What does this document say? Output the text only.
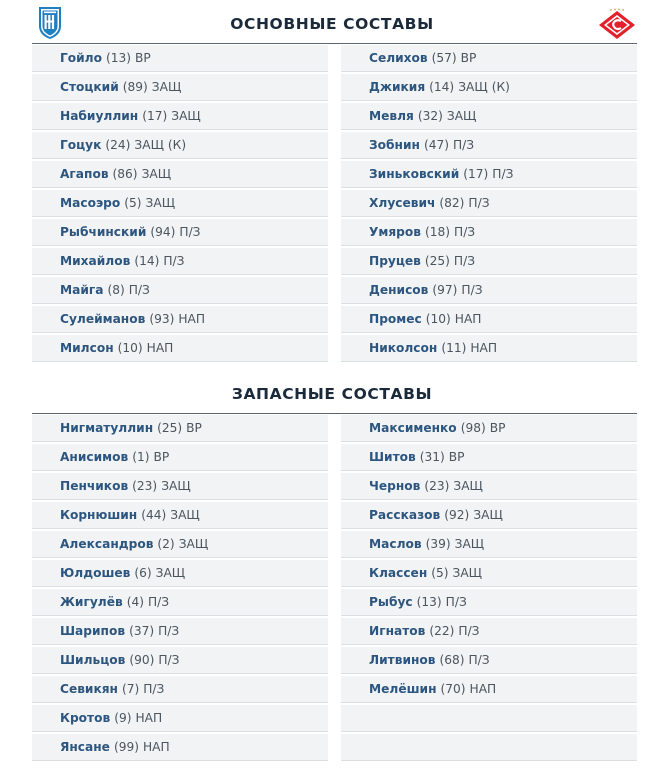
ОСНОВНЫЕ СОСТАВЫ
ЗАПАСНЫЕ СОСТАВЫ
Гойло (13) ВР
Стоцкий (89) ЗАЩ
Набиуллин (17) ЗАЩ
Гоцук (24) ЗАЩ (К)
Агапов (86) ЗАЩ
Масоэро (5) ЗАЩ
Рыбчинский (94) П/З
Михайлов (14) П/З
Майга (8) П/З
Сулейманов (93) НАП
Милсон (10) НАП
Селихов (57) ВР
Джикия (14) ЗАЩ (К)
Мевля (32) ЗАЩ
Зобнин (47) П/З
Зиньковский (17) П/З
Хлусевич (82) П/З
Умяров (18) П/З
Пруцев (25) П/З
Денисов (97) П/З
Промес (10) НАП
Николсон (11) НАП
Нигматуллин (25) ВР
Анисимов (1) ВР
Пенчиков (23) ЗАЩ
Корнюшин (44) ЗАЩ
Александров (2) ЗАЩ
Юлдошев (6) ЗАЩ
Жигулёв (4) П/З
Шарипов (37) П/З
Шильцов (90) П/З
Севикян (7) П/З
Кротов (9) НАП
Янсане (99) НАП
Максименко (98) ВР
Шитов (31) ВР
Чернов (23) ЗАЩ
Рассказов (92) ЗАЩ
Маслов (39) ЗАЩ
Классен (5) ЗАЩ
Рыбус (13) П/З
Игнатов (22) П/З
Литвинов (68) П/З
Мелёшин (70) НАП
